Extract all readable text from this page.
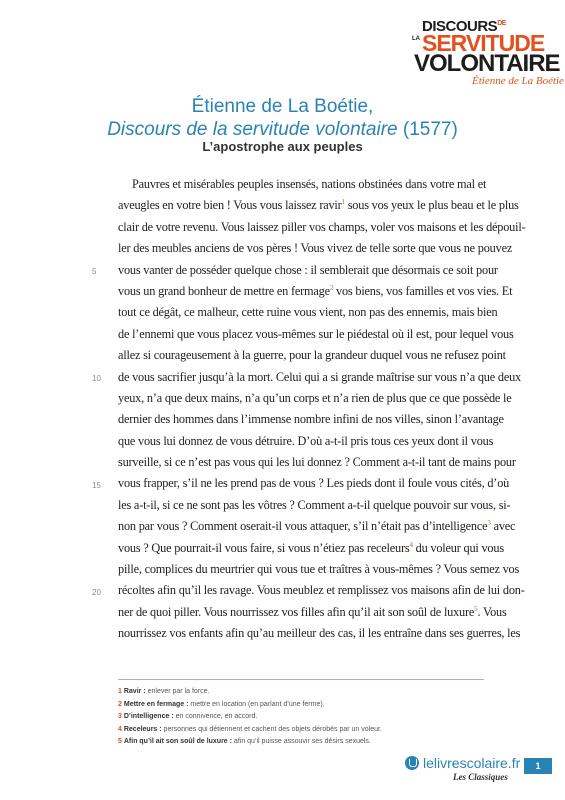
$DISCOURS^{DE}$
LA SERVITUDE
VOLONTAIRE
Étienne de La Boétie
Étienne de La Boétie,
Discours de la servitude volontaire (1577)
L’apostrophe aux peuples
Pauvres et misérables peuples insensés, nations obstinées dans votre mal et
aveugles en votre bien ! Vous vous laissez ravir$^1$ sous vos yeux le plus beau et le plus
clair de votre revenu. Vous laissez piller vos champs, voler vos maisons et les dépouil-
ler des meubles anciens de vos pères ! Vous vivez de telle sorte que vous ne pouvez
vous vanter de posséder quelque chose : il semblerait que désormais ce soit pour
vous un grand bonheur de mettre en fermage$^2$ vos biens, vos familles et vos vies. Et
tout ce dégât, ce malheur, cette ruine vous vient, non pas des ennemis, mais bien
de l’ennemi que vous placez vous-mêmes sur le piédestal où il est, pour lequel vous
allez si courageusement à la guerre, pour la grandeur duquel vous ne refusez point
de vous sacrifier jusqu’à la mort. Celui qui a si grande maîtrise sur vous n’a que deux
yeux, n’a que deux mains, n’a qu’un corps et n’a rien de plus que ce que possède le
dernier des hommes dans l’immense nombre infini de nos villes, sinon l’avantage
que vous lui donnez de vous détruire. D’où a-t-il pris tous ces yeux dont il vous
surveille, si ce n’est pas vous qui les lui donnez ? Comment a-t-il tant de mains pour
vous frapper, s’il ne les prend pas de vous ? Les pieds dont il foule vous cités, d’où
les a-t-il, si ce ne sont pas les vôtres ? Comment a-t-il quelque pouvoir sur vous, si-
non par vous ? Comment oserait-il vous attaquer, s’il n’était pas d’intelligence$^3$ avec
vous ? Que pourrait-il vous faire, si vous n’étiez pas receleurs$^4$ du voleur qui vous
pille, complices du meurtrier qui vous tue et traîtres à vous-mêmes ? Vous semez vos
récoltes afin qu’il les ravage. Vous meublez et remplissez vos maisons afin de lui don-
ner de quoi piller. Vous nourrissez vos filles afin qu’il ait son soûl de luxure$^5$. Vous
nourrissez vos enfants afin qu’au meilleur des cas, il les entraîne dans ses guerres, les
5
10
15
20
1 Ravir : enlever par la force.
2 Mettre en fermage : mettre en location (en parlant d’une ferme).
3 D’intelligence : en connivence, en accord.
4 Receleurs : personnes qui détiennent et cachent des objets dérobés par un voleur.
5 Afin qu’il ait son soûl de luxure : afin qu’il puisse assouvir ses désirs sexuels.
lelivrescolaire.fr
Les Classiques
1
